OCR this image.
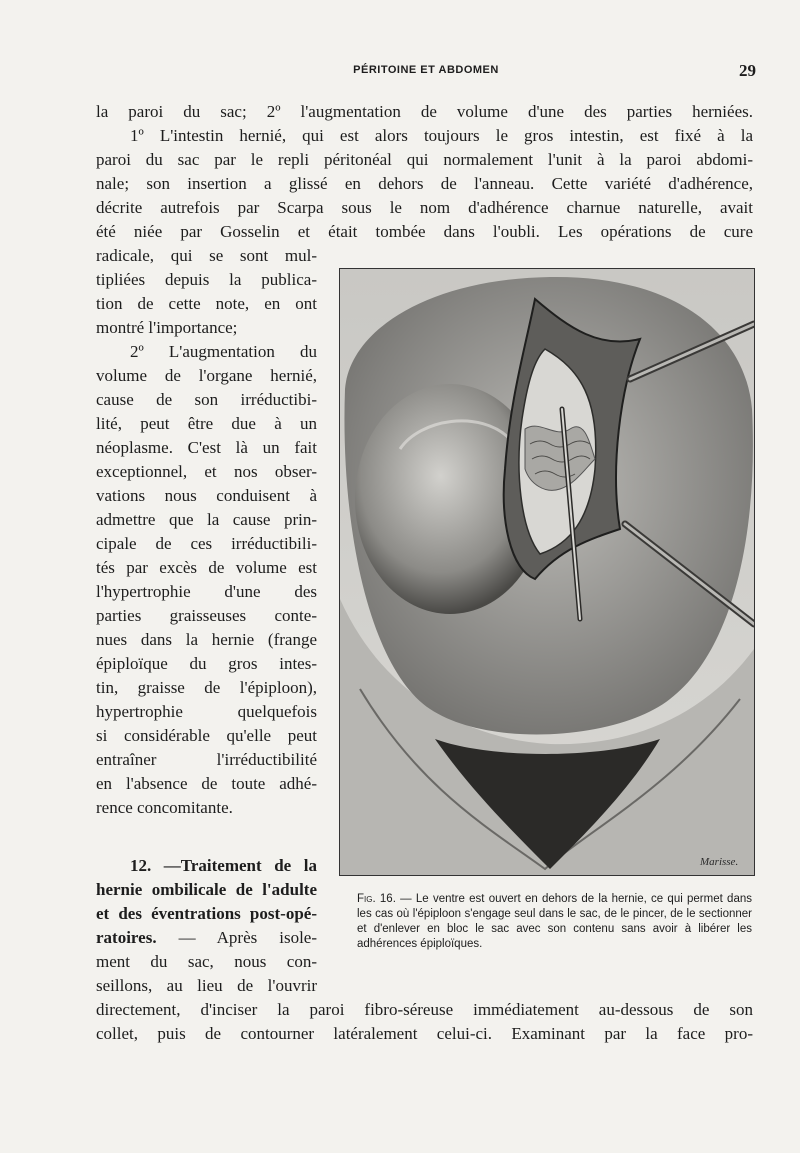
PÉRITOINE ET ABDOMEN	29
la paroi du sac; 2º l'augmentation de volume d'une des parties herniées.
1º L'intestin hernié, qui est alors toujours le gros intestin, est fixé à la
paroi du sac par le repli péritonéal qui normalement l'unit à la paroi abdomi-
nale; son insertion a glissé en dehors de l'anneau. Cette variété d'adhérence,
décrite autrefois par Scarpa sous le nom d'adhérence charnue naturelle, avait
été niée par Gosselin et était tombée dans l'oubli. Les opérations de cure
radicale, qui se sont mul-
tipliées depuis la publica-
tion de cette note, en ont
montré l'importance;
2º L'augmentation du
volume de l'organe hernié,
cause de son irréductibi-
lité, peut être due à un
néoplasme. C'est là un fait
exceptionnel, et nos obser-
vations nous conduisent à
admettre que la cause prin-
cipale de ces irréductibili-
tés par excès de volume est
l'hypertrophie d'une des
parties graisseuses conte-
nues dans la hernie (frange
épiploïque du gros intes-
tin, graisse de l'épiploon),
hypertrophie quelquefois
si considérable qu'elle peut
entraîner l'irréductibilité
en l'absence de toute adhé-
rence concomitante.
12. —Traitement de la
hernie ombilicale de l'adulte
et des éventrations post-opé-
ratoires. — Après isole-
ment du sac, nous con-
seillons, au lieu de l'ouvrir
directement, d'inciser la paroi fibro-séreuse immédiatement au-dessous de son
collet, puis de contourner latéralement celui-ci. Examinant par la face pro-
Marisse.
Fig. 16. — Le ventre est ouvert en dehors de la hernie, ce qui permet dans les cas où l'épiploon s'engage seul dans le sac, de le pincer, de le sectionner et d'enlever en bloc le sac avec son contenu sans avoir à libérer les adhérences épiploïques.
